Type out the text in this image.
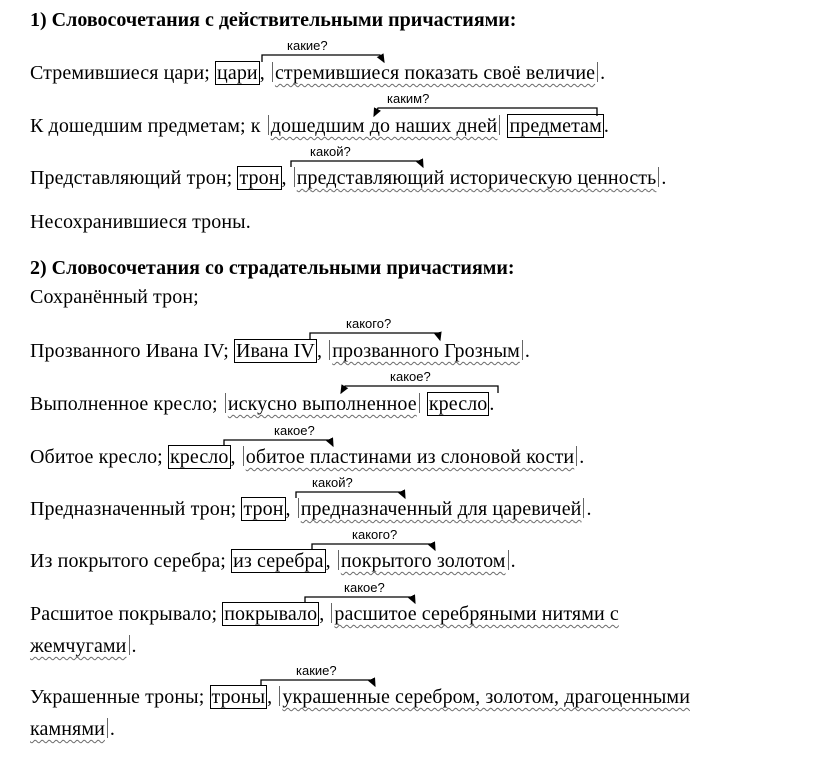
1) Словосочетания с действительными причастиями:
какие?
Стремившиеся цари; цари , стремившиеся показать своё величие .
каким?
К дошедшим предметам; к дошедшим до наших дней предметам .
какой?
Представляющий трон; трон , представляющий историческую ценность .
Несохранившиеся троны.
2) Словосочетания со страдательными причастиями:
Сохранённый трон;
какого?
Прозванного Ивана IV; Ивана IV , прозванного Грозным .
какое?
Выполненное кресло; искусно выполненное кресло .
какое?
Обитое кресло; кресло , обитое пластинами из слоновой кости .
какой?
Предназначенный трон; трон , предназначенный для царевичей .
какого?
Из покрытого серебра; из серебра , покрытого золотом .
какое?
Расшитое покрывало; покрывало , расшитое серебряными нитями с
жемчугами .
какие?
Украшенные троны; троны , украшенные серебром, золотом, драгоценными
камнями .
